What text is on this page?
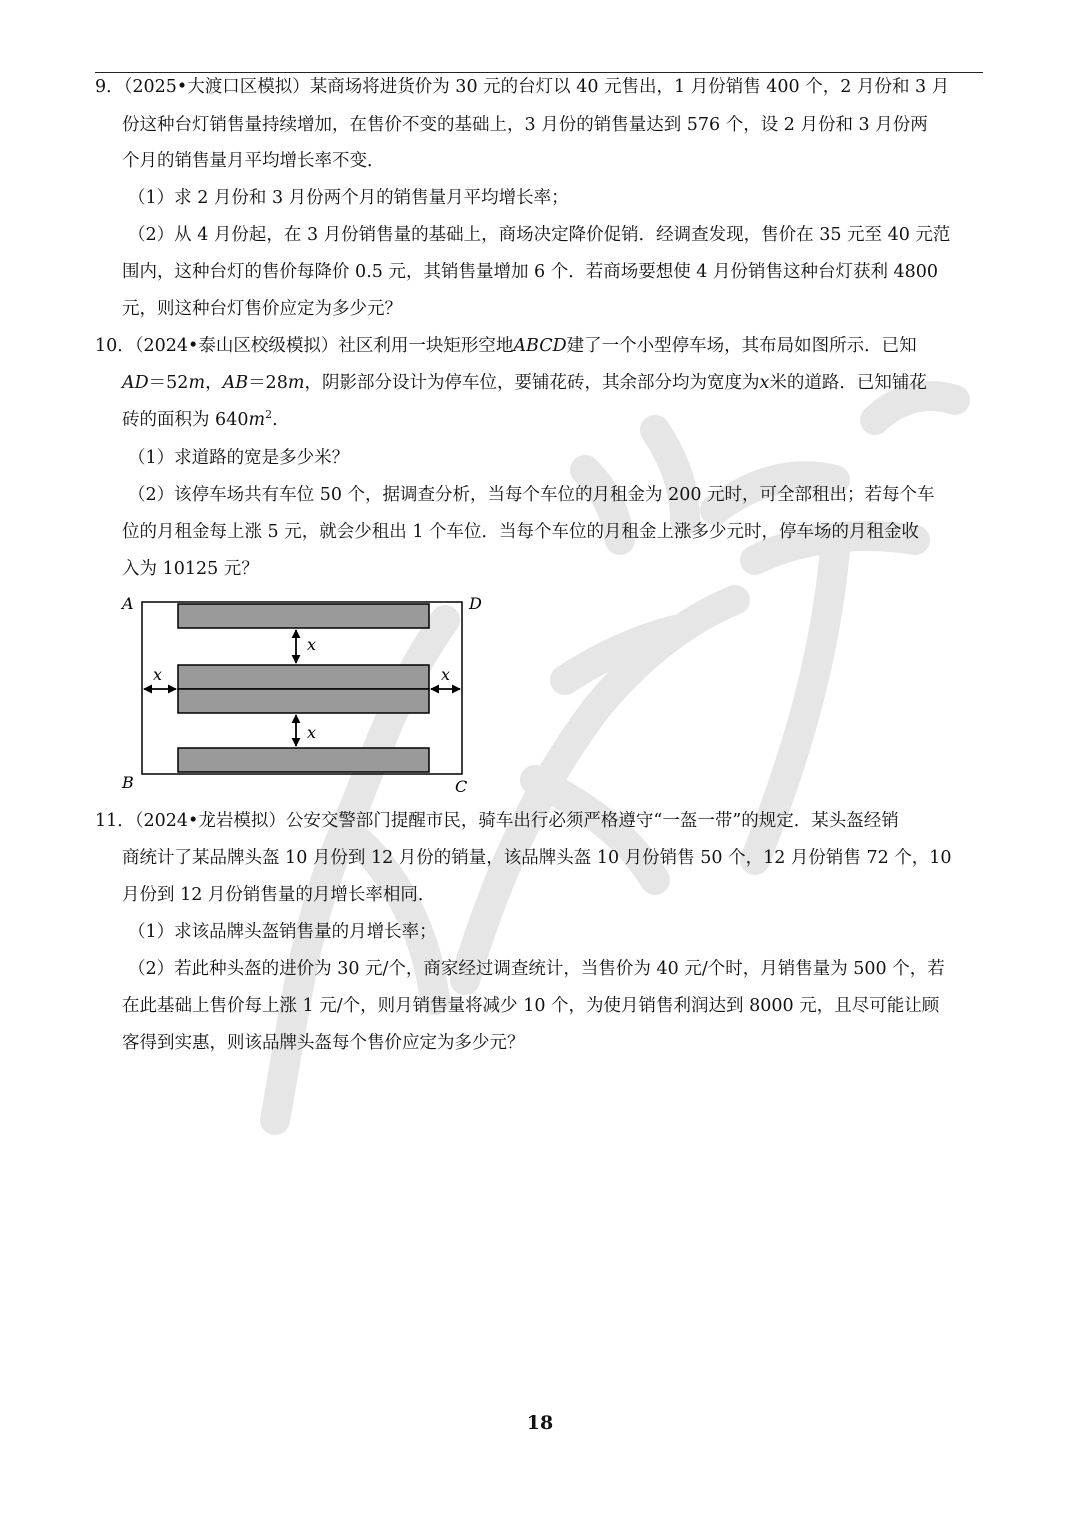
9．（2025•大渡口区模拟）某商场将进货价为 30 元的台灯以 40 元售出，1 月份销售 400 个，2 月份和 3 月
份这种台灯销售量持续增加，在售价不变的基础上，3 月份的销售量达到 576 个，设 2 月份和 3 月份两
个月的销售量月平均增长率不变．
（1）求 2 月份和 3 月份两个月的销售量月平均增长率；
（2）从 4 月份起，在 3 月份销售量的基础上，商场决定降价促销．经调查发现，售价在 35 元至 40 元范
围内，这种台灯的售价每降价 0.5 元，其销售量增加 6 个．若商场要想使 4 月份销售这种台灯获利 4800
元，则这种台灯售价应定为多少元？
10．（2024•泰山区校级模拟）社区利用一块矩形空地ABCD建了一个小型停车场，其布局如图所示．已知
AD＝52m，AB＝28m，阴影部分设计为停车位，要铺花砖，其余部分均为宽度为x米的道路．已知铺花
砖的面积为 $640m^2$.
（1）求道路的宽是多少米？
（2）该停车场共有车位 50 个，据调查分析，当每个车位的月租金为 200 元时，可全部租出；若每个车
位的月租金每上涨 5 元，就会少租出 1 个车位．当每个车位的月租金上涨多少元时，停车场的月租金收
入为 10125 元？
A	D
B	C
x
x	x
x
11．（2024•龙岩模拟）公安交警部门提醒市民，骑车出行必须严格遵守“一盔一带”的规定．某头盔经销
商统计了某品牌头盔 10 月份到 12 月份的销量，该品牌头盔 10 月份销售 50 个，12 月份销售 72 个，10
月份到 12 月份销售量的月增长率相同．
（1）求该品牌头盔销售量的月增长率；
（2）若此种头盔的进价为 30 元/个，商家经过调查统计，当售价为 40 元/个时，月销售量为 500 个，若
在此基础上售价每上涨 1 元/个，则月销售量将减少 10 个，为使月销售利润达到 8000 元，且尽可能让顾
客得到实惠，则该品牌头盔每个售价应定为多少元？
18
